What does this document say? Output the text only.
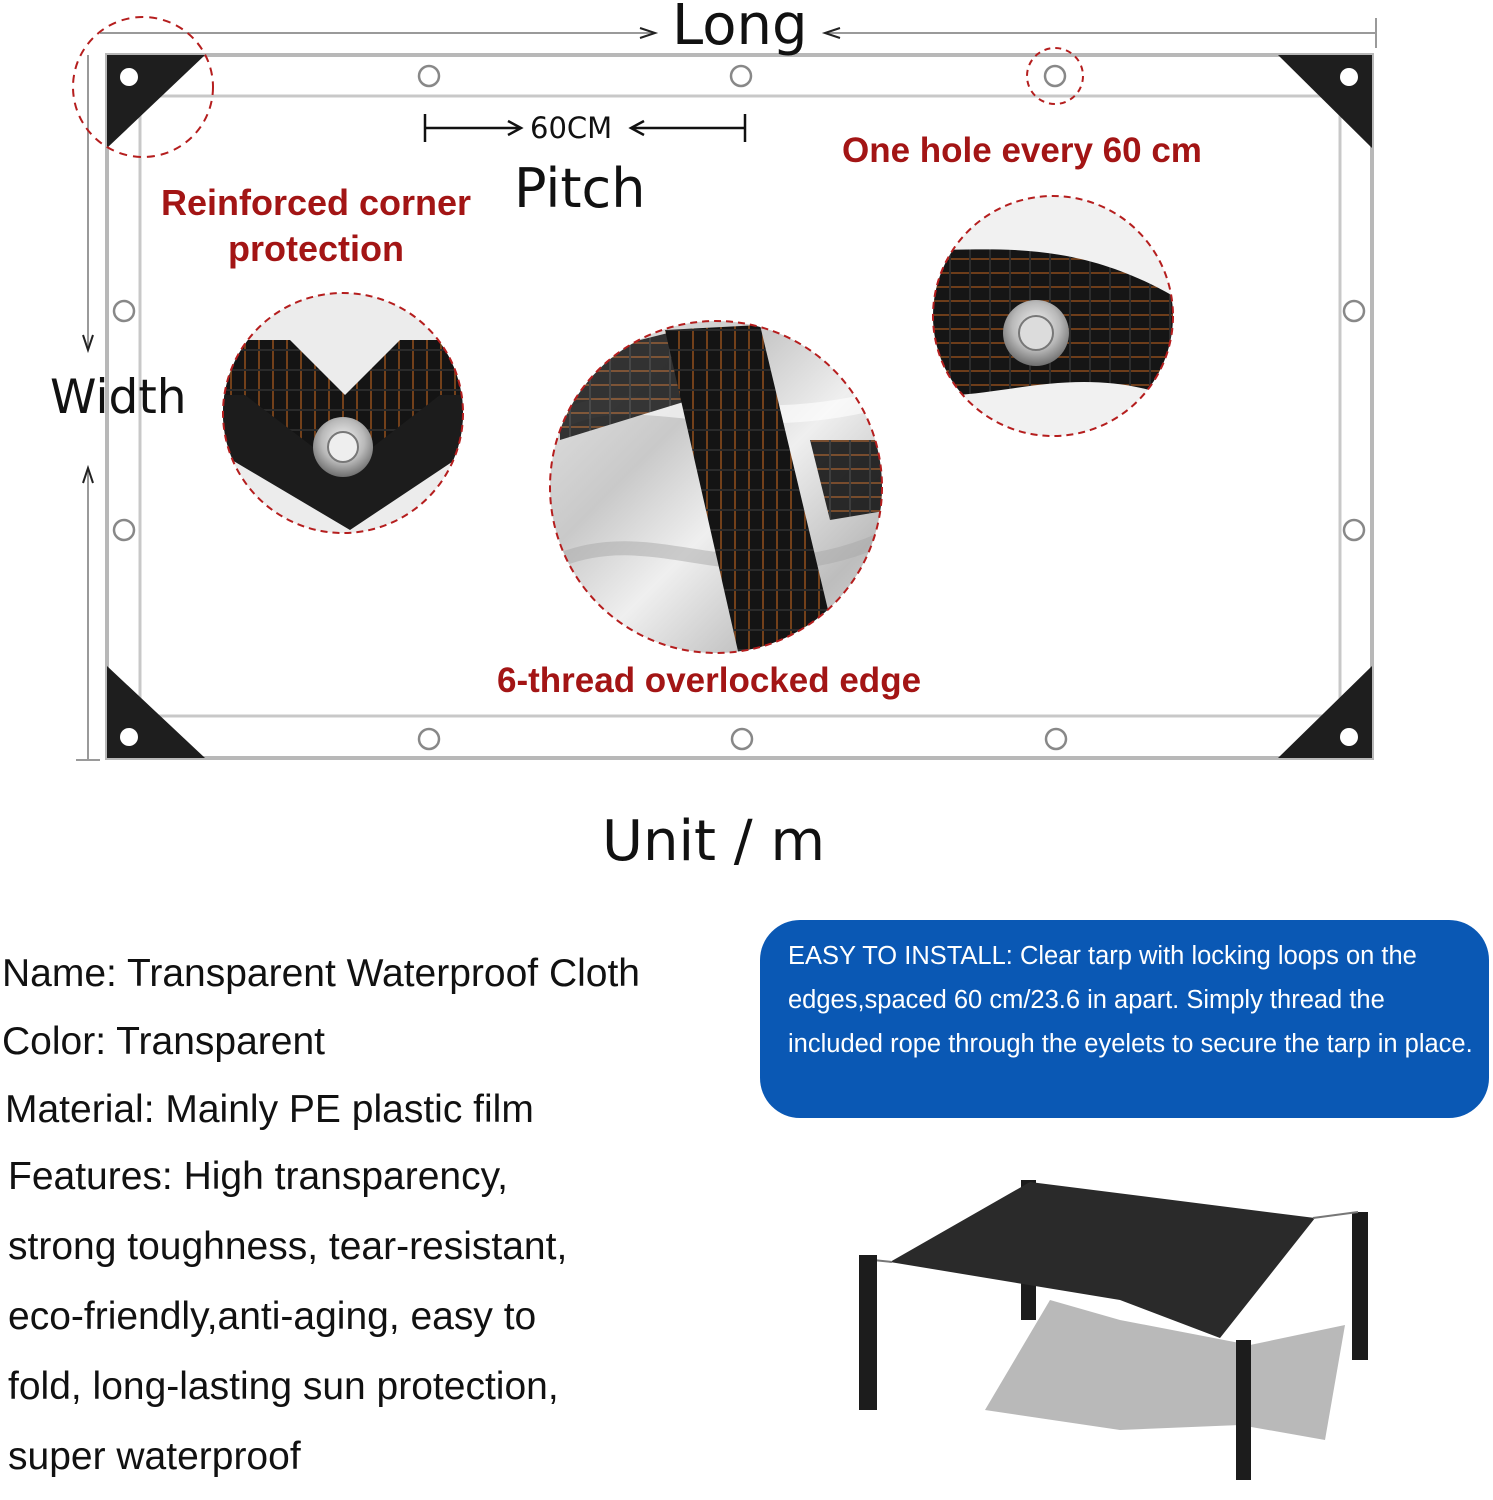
Long
Width
60CM
Pitch
Unit / m
Reinforced corner
protection
One hole every 60 cm
6-thread overlocked edge
Name: Transparent Waterproof Cloth
Color: Transparent
Material: Mainly PE plastic film
Features: High transparency,
strong toughness, tear-resistant,
eco-friendly,anti-aging, easy to
fold, long-lasting sun protection,
super waterproof

EASY TO INSTALL: Clear tarp with locking loops on the edges,spaced 60 cm/23.6 in apart. Simply thread the included rope through the eyelets to secure the tarp in place.
